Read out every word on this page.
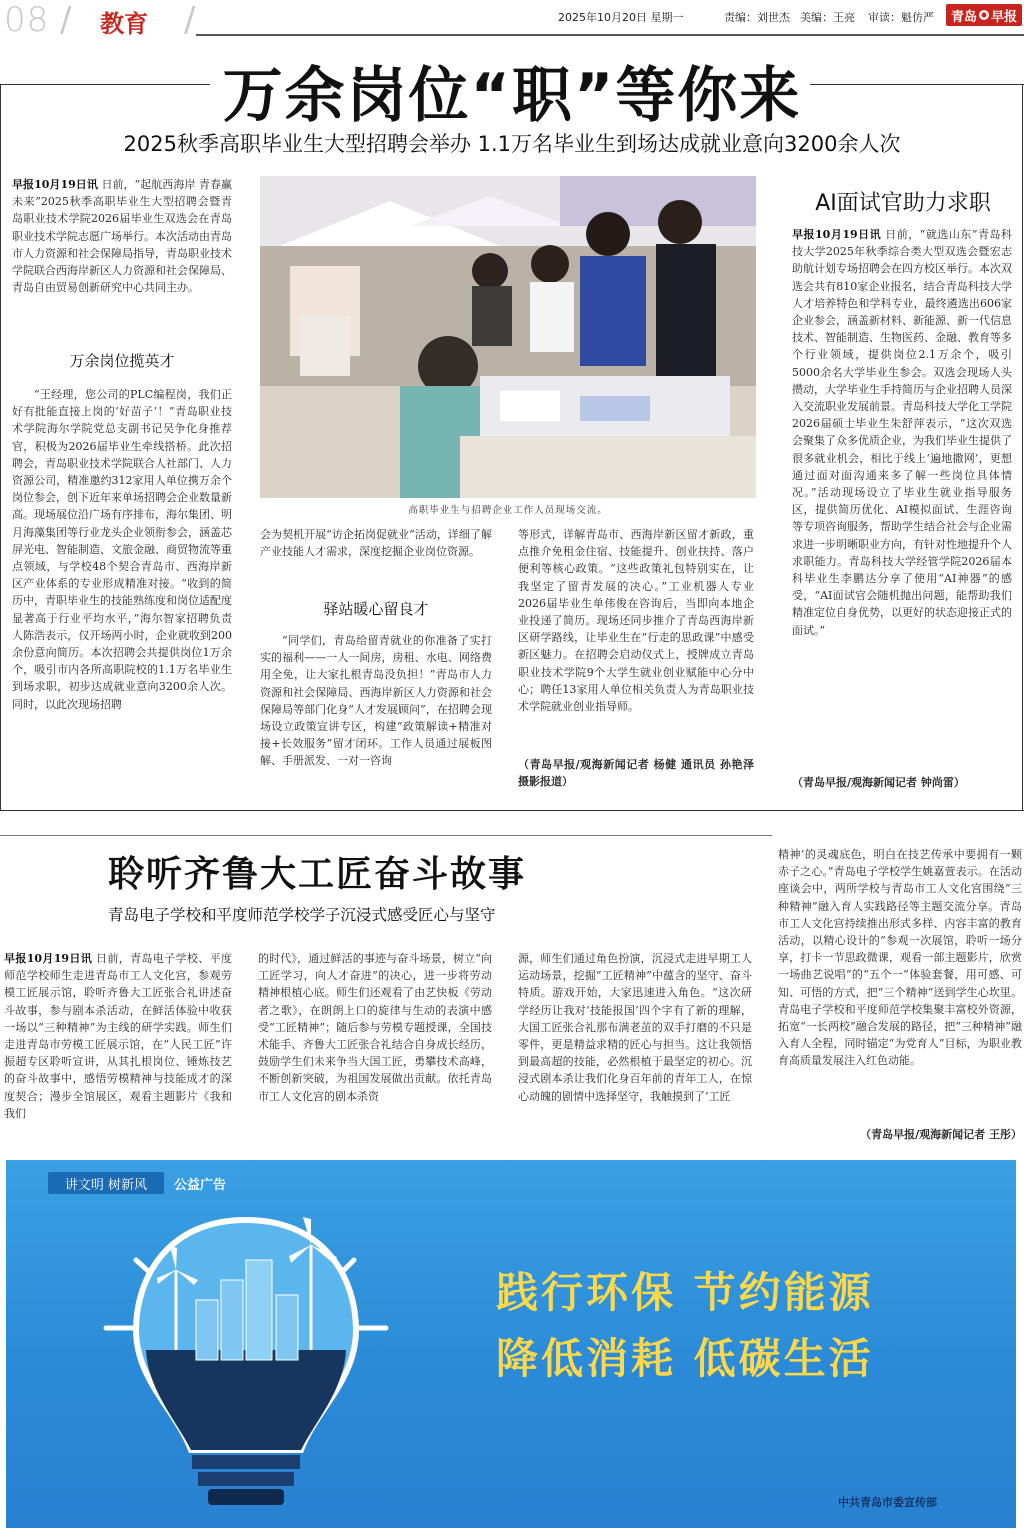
08 / 教育 /	2025年10月20日 星期一	责编：刘世杰 美编：王亮 审读：魁仿严 青岛 早报
万余岗位“职”等你来
2025秋季高职毕业生大型招聘会举办 1.1万名毕业生到场达成就业意向3200余人次
早报10月19日讯 日前，“起航西海岸 青春赢未来”2025秋季高职毕业生大型招聘会暨青岛职业技术学院2026届毕业生双选会在青岛职业技术学院志愿广场举行。本次活动由青岛市人力资源和社会保障局指导，青岛职业技术学院联合西海岸新区人力资源和社会保障局、青岛自由贸易创新研究中心共同主办。
万余岗位揽英才
“王经理，您公司的PLC编程岗，我们正好有批能直接上岗的‘好苗子’！”青岛职业技术学院海尔学院党总支副书记吴争化身推荐官，积极为2026届毕业生牵线搭桥。此次招聘会，青岛职业技术学院联合人社部门、人力资源公司，精准邀约312家用人单位携万余个岗位参会，创下近年来单场招聘会企业数量新高。现场展位沿广场有序排布，海尔集团、明月海藻集团等行业龙头企业领衔参会，涵盖芯屏光电、智能制造、文旅金融、商贸物流等重点领域，与学校48个契合青岛市、西海岸新区产业体系的专业形成精准对接。“收到的简历中，青职毕业生的技能熟练度和岗位适配度显著高于行业平均水平，”海尔智家招聘负责人陈浩表示，仅开场两小时，企业就收到200余份意向简历。本次招聘会共提供岗位1万余个，吸引市内各所高职院校的1.1万名毕业生到场求职，初步达成就业意向3200余人次。同时，以此次现场招聘
高职毕业生与招聘企业工作人员现场交流。
会为契机开展“访企拓岗促就业”活动，详细了解产业技能人才需求，深度挖掘企业岗位资源。
驿站暖心留良才
“同学们，青岛给留青就业的你准备了实打实的福利——一人一间房，房租、水电、网络费用全免，让大家扎根青岛没负担！”青岛市人力资源和社会保障局、西海岸新区人力资源和社会保障局等部门化身“人才发展顾问”，在招聘会现场设立政策宣讲专区，构建“政策解读+精准对接+长效服务”留才闭环。工作人员通过展板图解、手册派发、一对一咨询
等形式，详解青岛市、西海岸新区留才新政，重点推介免租金住宿、技能提升、创业扶持、落户便利等核心政策。“这些政策礼包特别实在，让我坚定了留青发展的决心。”工业机器人专业2026届毕业生单伟俊在咨询后，当即向本地企业投递了简历。现场还同步推介了青岛西海岸新区研学路线，让毕业生在“行走的思政课”中感受新区魅力。在招聘会启动仪式上，授牌成立青岛职业技术学院9个大学生就业创业赋能中心分中心；聘任13家用人单位相关负责人为青岛职业技术学院就业创业指导师。
（青岛早报/观海新闻记者 杨健 通讯员 孙艳泽 摄影报道）
AI面试官助力求职
早报10月19日讯 日前，“就选山东”青岛科技大学2025年秋季综合类大型双选会暨宏志助航计划专场招聘会在四方校区举行。本次双选会共有810家企业报名，结合青岛科技大学人才培养特色和学科专业，最终遴选出606家企业参会，涵盖新材料、新能源、新一代信息技术、智能制造、生物医药、金融、教育等多个行业领域，提供岗位2.1万余个，吸引5000余名大学毕业生参会。双选会现场人头攒动，大学毕业生手持简历与企业招聘人员深入交流职业发展前景。青岛科技大学化工学院2026届硕士毕业生朱舒萍表示，“这次双选会聚集了众多优质企业，为我们毕业生提供了很多就业机会，相比于线上‘遍地撒网’，更想通过面对面沟通来多了解一些岗位具体情况。”活动现场设立了毕业生就业指导服务区，提供简历优化、AI模拟面试、生涯咨询等专项咨询服务，帮助学生结合社会与企业需求进一步明晰职业方向，有针对性地提升个人求职能力。青岛科技大学经管学院2026届本科毕业生李鹏达分享了使用“AI神器”的感受，“AI面试官会随机抛出问题，能帮助我们精准定位自身优势，以更好的状态迎接正式的面试。”
（青岛早报/观海新闻记者 钟尚雷）
聆听齐鲁大工匠奋斗故事
青岛电子学校和平度师范学校学子沉浸式感受匠心与坚守
早报10月19日讯 日前，青岛电子学校、平度师范学校师生走进青岛市工人文化宫，参观劳模工匠展示馆，聆听齐鲁大工匠张合礼讲述奋斗故事，参与剧本杀活动，在鲜活体验中收获一场以“三种精神”为主线的研学实践。师生们走进青岛市劳模工匠展示馆，在“人民工匠”许振超专区聆听宣讲，从其扎根岗位、锤炼技艺的奋斗故事中，感悟劳模精神与技能成才的深度契合；漫步全馆展区，观看主题影片《我和我们
的时代》，通过鲜活的事迹与奋斗场景，树立“向工匠学习，向人才奋进”的决心，进一步将劳动精神根植心底。师生们还观看了由艺快板《劳动者之歌》，在朗朗上口的旋律与生动的表演中感受“工匠精神”；随后参与劳模专题授课，全国技术能手、齐鲁大工匠张合礼结合自身成长经历，鼓励学生们未来争当大国工匠，勇攀技术高峰，不断创新突破，为祖国发展做出贡献。依托青岛市工人文化宫的剧本杀资
源，师生们通过角色扮演，沉浸式走进早期工人运动场景，挖掘“工匠精神”中蕴含的坚守、奋斗特质。游戏开始，大家迅速进入角色。“这次研学经历让我对‘技能报国’四个字有了新的理解，大国工匠张合礼那布满老茧的双手打磨的不只是零件，更是精益求精的匠心与担当。这让我领悟到最高超的技能，必然根植于最坚定的初心。沉浸式剧本杀让我们化身百年前的青年工人，在惊心动魄的剧情中选择坚守，我触摸到了‘工匠
精神’的灵魂底色，明白在技艺传承中要拥有一颗赤子之心。”青岛电子学校学生姚嘉萱表示。在活动座谈会中，两所学校与青岛市工人文化宫围绕“三种精神”融入育人实践路径等主题交流分享。青岛市工人文化宫持续推出形式多样、内容丰富的教育活动，以精心设计的“参观一次展馆，聆听一场分享，打卡一节思政微课，观看一部主题影片，欣赏一场曲艺说唱”的“五个一”体验套餐，用可感、可知、可悟的方式，把“三个精神”送到学生心坎里。青岛电子学校和平度师范学校集聚丰富校外资源，拓宽“一长两校”融合发展的路径，把“三种精神”融入育人全程，同时锚定“为党育人”目标，为职业教育高质量发展注入红色动能。
（青岛早报/观海新闻记者 王彤）
讲文明 树新风	公益广告
践行环保 节约能源
降低消耗 低碳生活
中共青岛市委宣传部
